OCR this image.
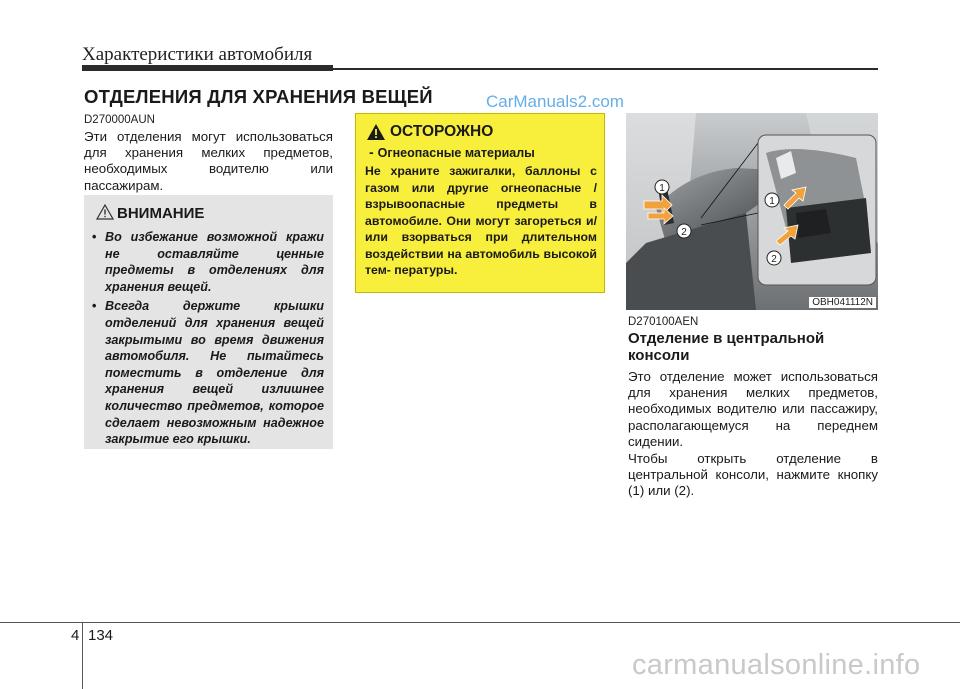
Характеристики автомобиля
ОТДЕЛЕНИЯ ДЛЯ ХРАНЕНИЯ ВЕЩЕЙ	CarManuals2.com
D270000AUN
Эти отделения могут использоваться для хранения мелких предметов, необходимых водителю или пассажирам.
ВНИМАНИЕ
• Во избежание возможной кражи не оставляйте ценные предметы в отделениях для хранения вещей.
• Всегда держите крышки отделений для хранения вещей закрытыми во время движения автомобиля. Не пытайтесь поместить в отделение для хранения вещей излишнее количество предметов, которое сделает невозможным надежное закрытие его крышки.
ОСТОРОЖНО
- Огнеопасные материалы
Не храните зажигалки, баллоны с газом или другие огнеопасные / взрывоопасные предметы в автомобиле. Они могут загореться и/или взорваться при длительном воздействии на автомобиль высокой тем- пературы.
1
2
1
2
OBH041112N
D270100AEN
Отделение в центральной консоли
Это отделение может использоваться для хранения мелких предметов, необходимых водителю или пассажиру, располагающемуся на переднем сидении.
Чтобы открыть отделение в центральной консоли, нажмите кнопку (1) или (2).
4 134
carmanualsonline.info
